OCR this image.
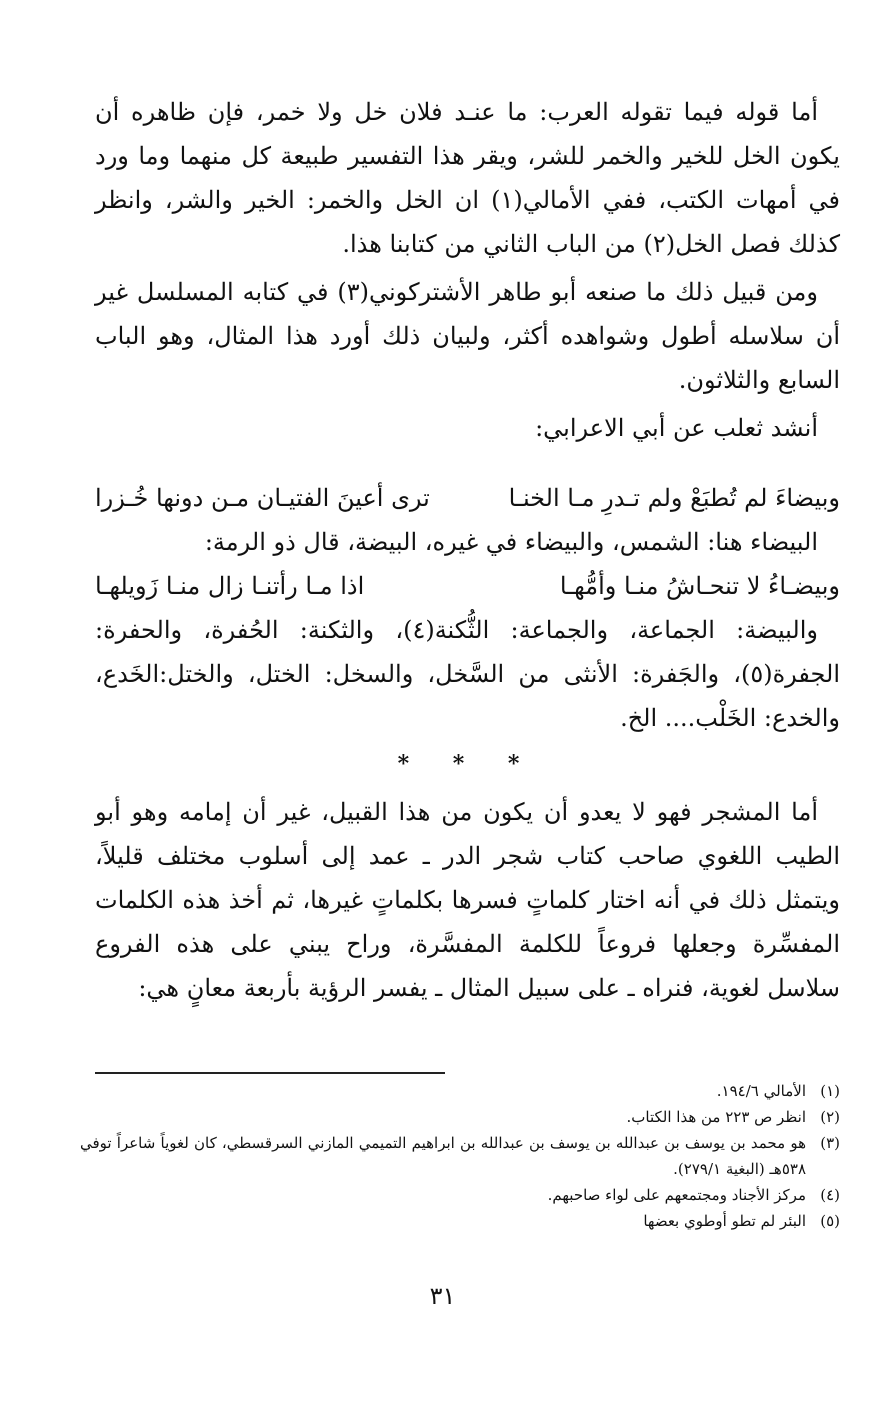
أما قوله فيما تقوله العرب: ما عنـد فلان خل ولا خمر، فإن ظاهره أن يكون الخل للخير والخمر للشر، ويقر هذا التفسير طبيعة كل منهما وما ورد في أمهات الكتب، ففي الأمالي(١) ان الخل والخمر: الخير والشر، وانظر كذلك فصل الخل(٢) من الباب الثاني من كتابنا هذا.

ومن قبيل ذلك ما صنعه أبو طاهر الأشتركوني(٣) في كتابه المسلسل غير أن سلاسله أطول وشواهده أكثر، ولبيان ذلك أورد هذا المثال، وهو الباب السابع والثلاثون.

أنشد ثعلب عن أبي الاعرابي:

وبيضاءَ لم تُطبَعْ ولم تـدرِ مـا الخنـا
ترى أعينَ الفتيـان مـن دونها خُـزرا

البيضاء هنا: الشمس، والبيضاء في غيره، البيضة، قال ذو الرمة:

وبيضـاءُ لا تنحـاشُ منـا وأمُّهـا
اذا مـا رأتنـا زال منـا زَويلهـا

والبيضة: الجماعة، والجماعة: الثُّكنة(٤)، والثكنة: الحُفرة، والحفرة: الجفرة(٥)، والجَفرة: الأنثى من السَّخل، والسخل: الختل، والختل:الخَدع، والخدع: الخَلْب.... الخ.

* * *

أما المشجر فهو لا يعدو أن يكون من هذا القبيل، غير أن إمامه وهو أبو الطيب اللغوي صاحب كتاب شجر الدر ـ عمد إلى أسلوب مختلف قليلاً، ويتمثل ذلك في أنه اختار كلماتٍ فسرها بكلماتٍ غيرها، ثم أخذ هذه الكلمات المفسِّرة وجعلها فروعاً للكلمة المفسَّرة، وراح يبني على هذه الفروع سلاسل لغوية، فنراه ـ على سبيل المثال ـ يفسر الرؤية بأربعة معانٍ هي:

(١)
الأمالي ١٩٤/٦.
(٢)
انظر ص ٢٢٣ من هذا الكتاب.
(٣)
هو محمد بن يوسف بن عبدالله بن يوسف بن عبدالله بن ابراهيم التميمي المازني السرقسطي، كان لغوياً شاعراً توفي ٥٣٨هـ (البغية ٢٧٩/١).
(٤)
مركز الأجناد ومجتمعهم على لواء صاحبهم.
(٥)
البئر لم تطو أوطوي بعضها
٣١
